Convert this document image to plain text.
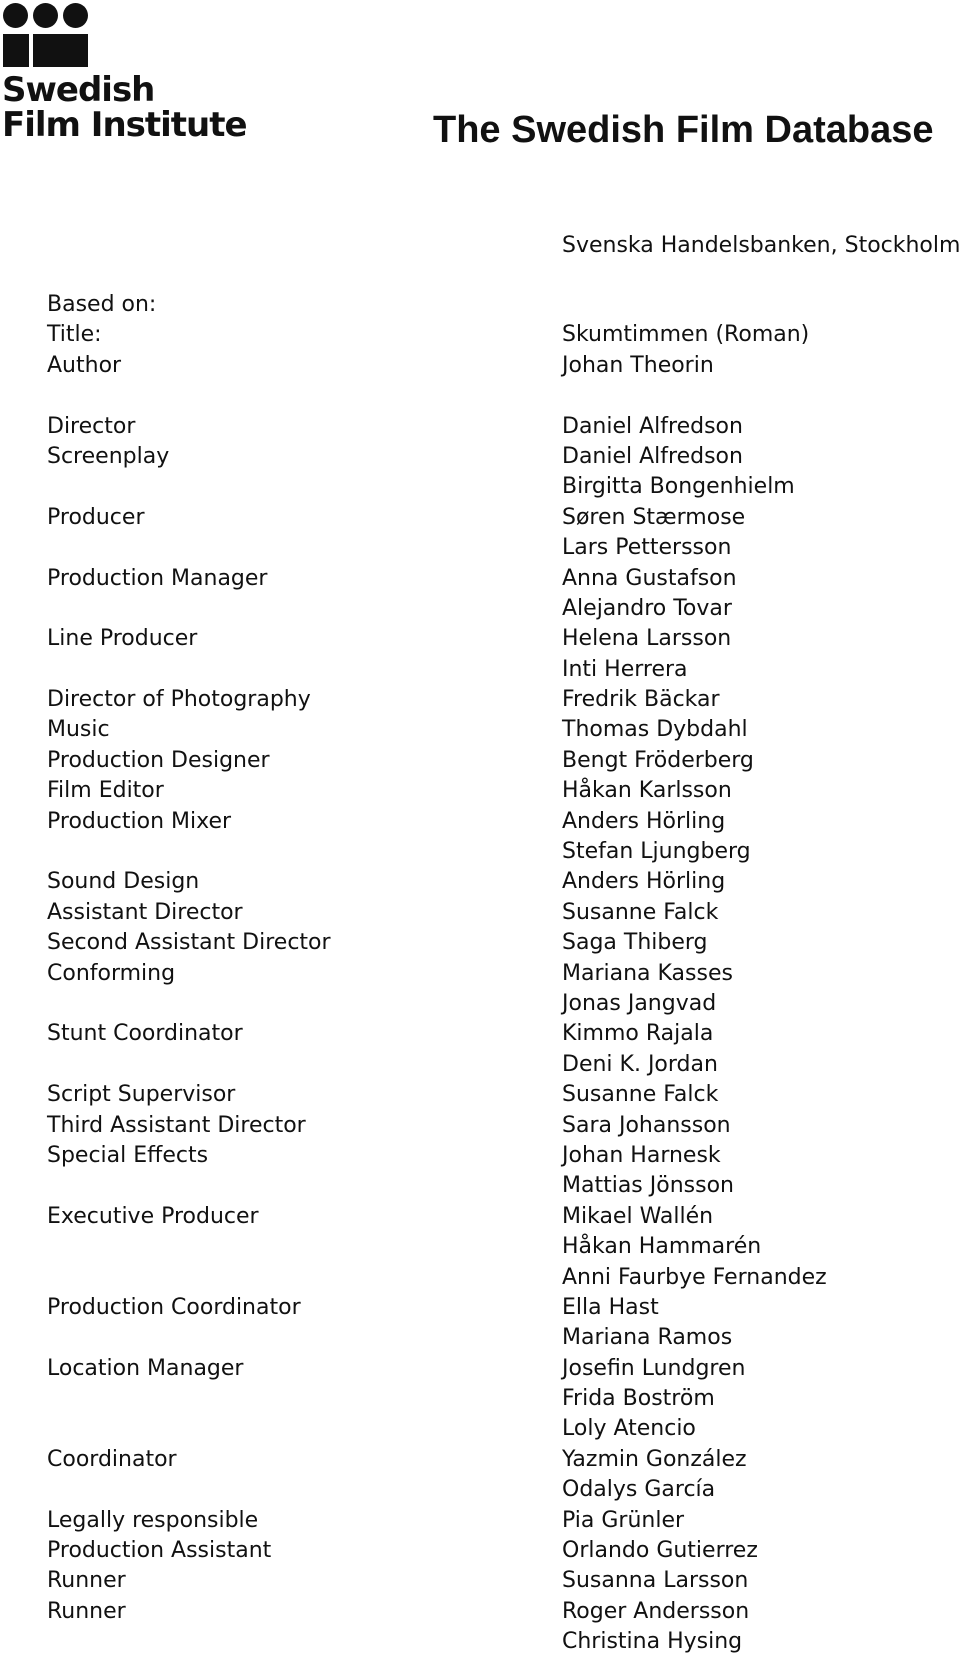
Swedish
Film Institute	The Swedish Film Database
Svenska Handelsbanken, Stockholm
Based on:
Title:	Skumtimmen (Roman)
Author	Johan Theorin
Director	Daniel Alfredson
Screenplay	Daniel Alfredson
Birgitta Bongenhielm
Producer	Søren Stærmose
Lars Pettersson
Production Manager	Anna Gustafson
Alejandro Tovar
Line Producer	Helena Larsson
Inti Herrera
Director of Photography	Fredrik Bäckar
Music	Thomas Dybdahl
Production Designer	Bengt Fröderberg
Film Editor	Håkan Karlsson
Production Mixer	Anders Hörling
Stefan Ljungberg
Sound Design	Anders Hörling
Assistant Director	Susanne Falck
Second Assistant Director	Saga Thiberg
Conforming	Mariana Kasses
Jonas Jangvad
Stunt Coordinator	Kimmo Rajala
Deni K. Jordan
Script Supervisor	Susanne Falck
Third Assistant Director	Sara Johansson
Special Effects	Johan Harnesk
Mattias Jönsson
Executive Producer	Mikael Wallén
Håkan Hammarén
Anni Faurbye Fernandez
Production Coordinator	Ella Hast
Mariana Ramos
Location Manager	Josefin Lundgren
Frida Boström
Loly Atencio
Coordinator	Yazmin González
Odalys García
Legally responsible	Pia Grünler
Production Assistant	Orlando Gutierrez
Runner	Susanna Larsson
Runner	Roger Andersson
Christina Hysing
